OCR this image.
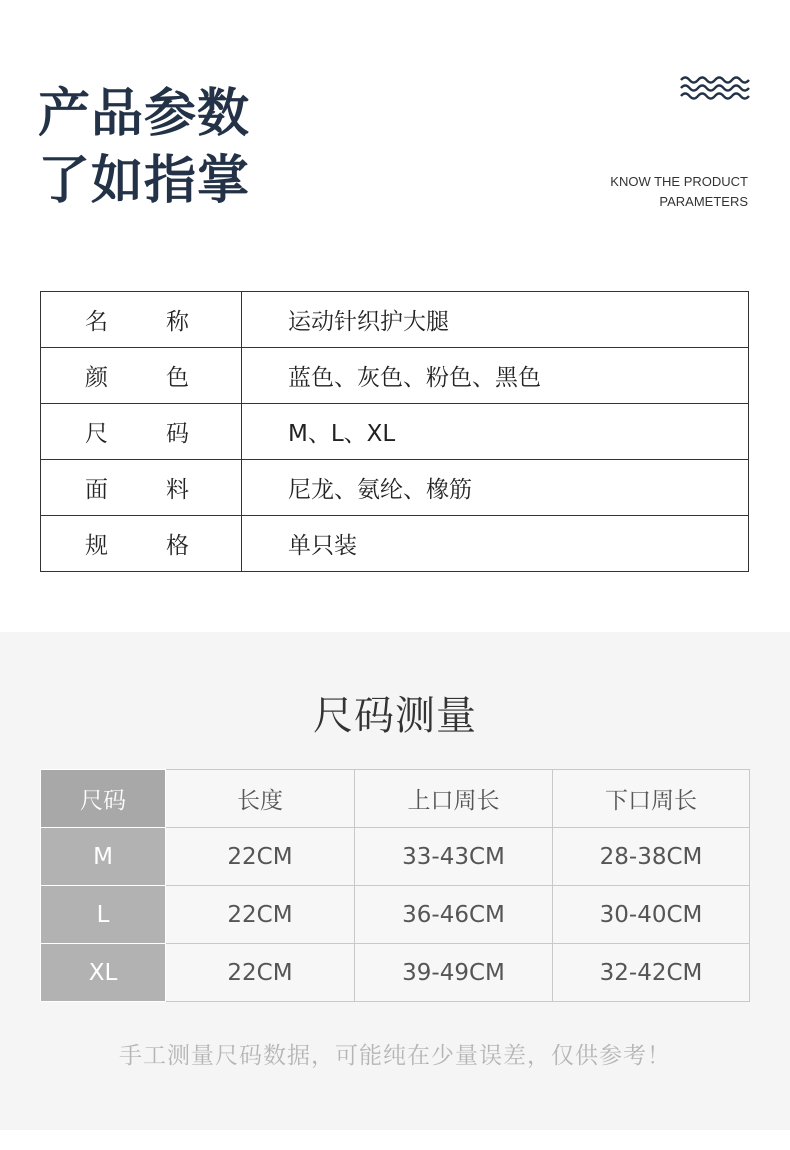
产品参数
了如指掌	KNOW THE PRODUCT
PARAMETERS
名 称	运动针织护大腿

颜 色	蓝色、灰色、粉色、黑色

尺 码	M、L、XL

面 料	尼龙、氨纶、橡筋

规 格	单只装
尺码测量
尺码	长度	上口周长	下口周长
M	22CM	33-43CM	28-38CM
L	22CM	36-46CM	30-40CM
XL	22CM	39-49CM	32-42CM
手工测量尺码数据，可能纯在少量误差，仅供参考！
